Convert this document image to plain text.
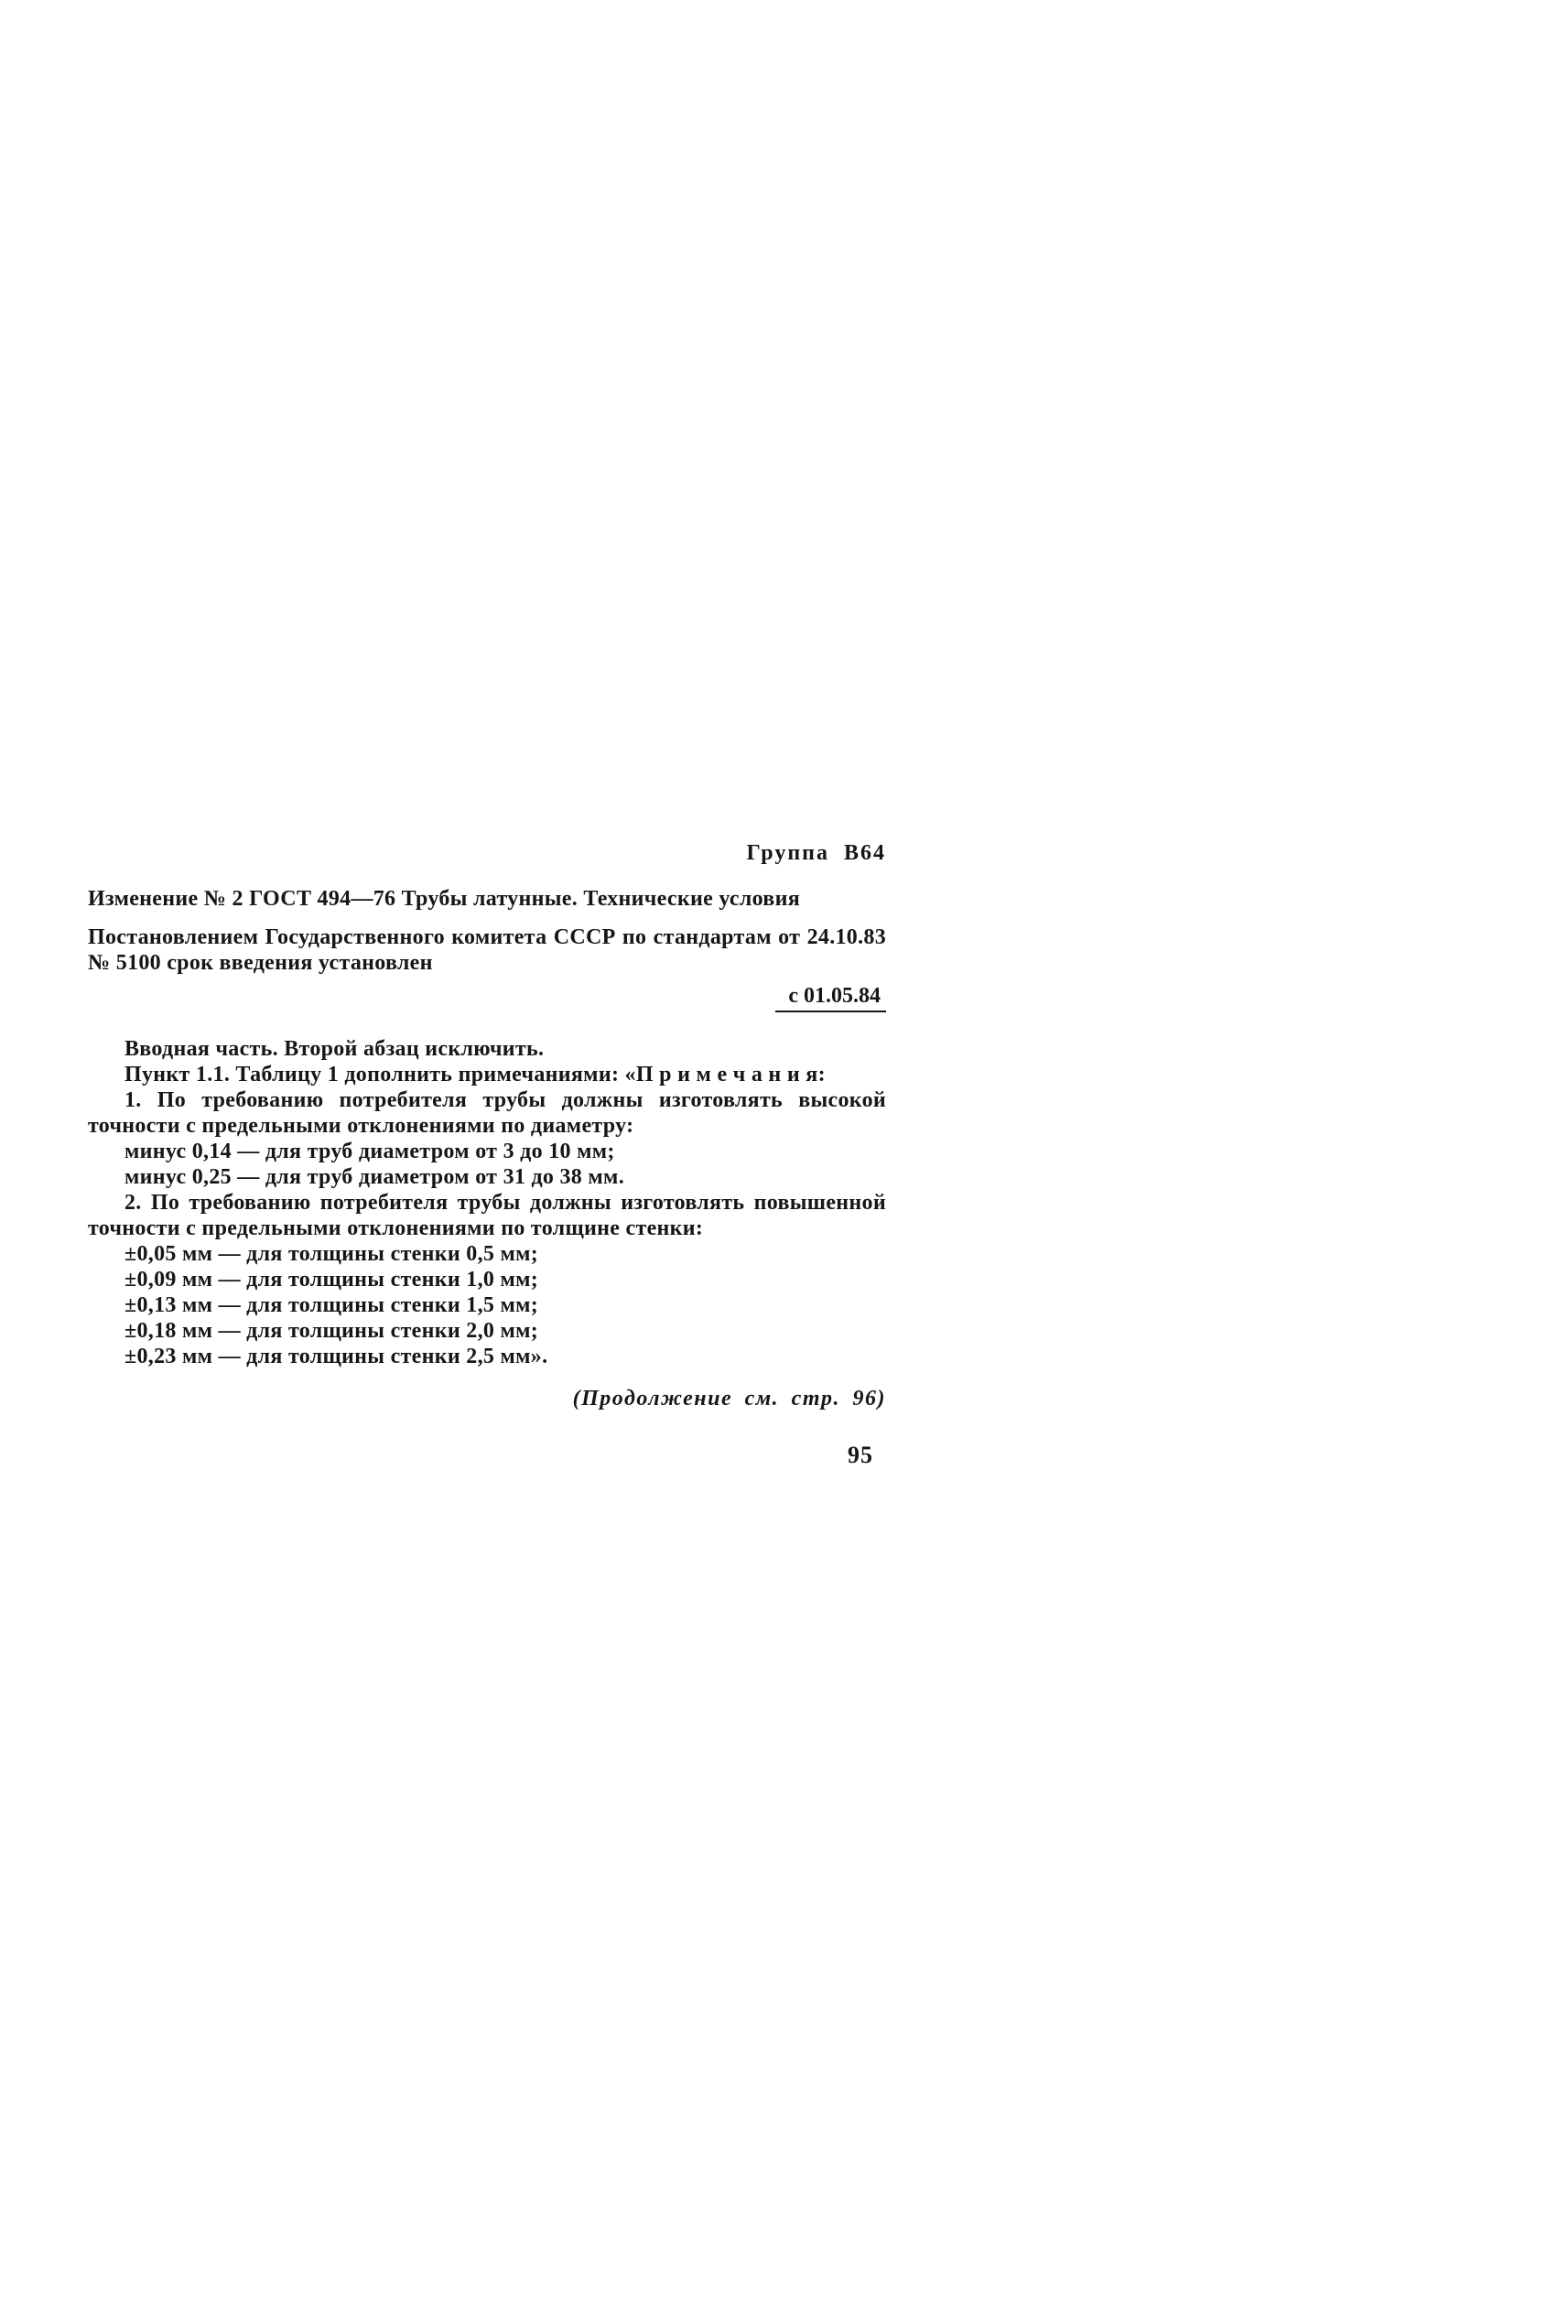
Группа В64
Изменение № 2 ГОСТ 494—76 Трубы латунные. Технические условия

Постановлением Государственного комитета СССР по стандартам от 24.10.83 № 5100 срок введения установлен

с 01.05.84

Вводная часть. Второй абзац исключить.

Пункт 1.1. Таблицу 1 дополнить примечаниями: «П р и м е ч а н и я:

1. По требованию потребителя трубы должны изготовлять высокой точности с предельными отклонениями по диаметру:

минус 0,14 — для труб диаметром от 3 до 10 мм;
минус 0,25 — для труб диаметром от 31 до 38 мм.

2. По требованию потребителя трубы должны изготовлять повышенной точности с предельными отклонениями по толщине стенки:

±0,05 мм — для толщины стенки 0,5 мм;
±0,09 мм — для толщины стенки 1,0 мм;
±0,13 мм — для толщины стенки 1,5 мм;
±0,18 мм — для толщины стенки 2,0 мм;
±0,23 мм — для толщины стенки 2,5 мм».
(Продолжение см. стр. 96)
95
